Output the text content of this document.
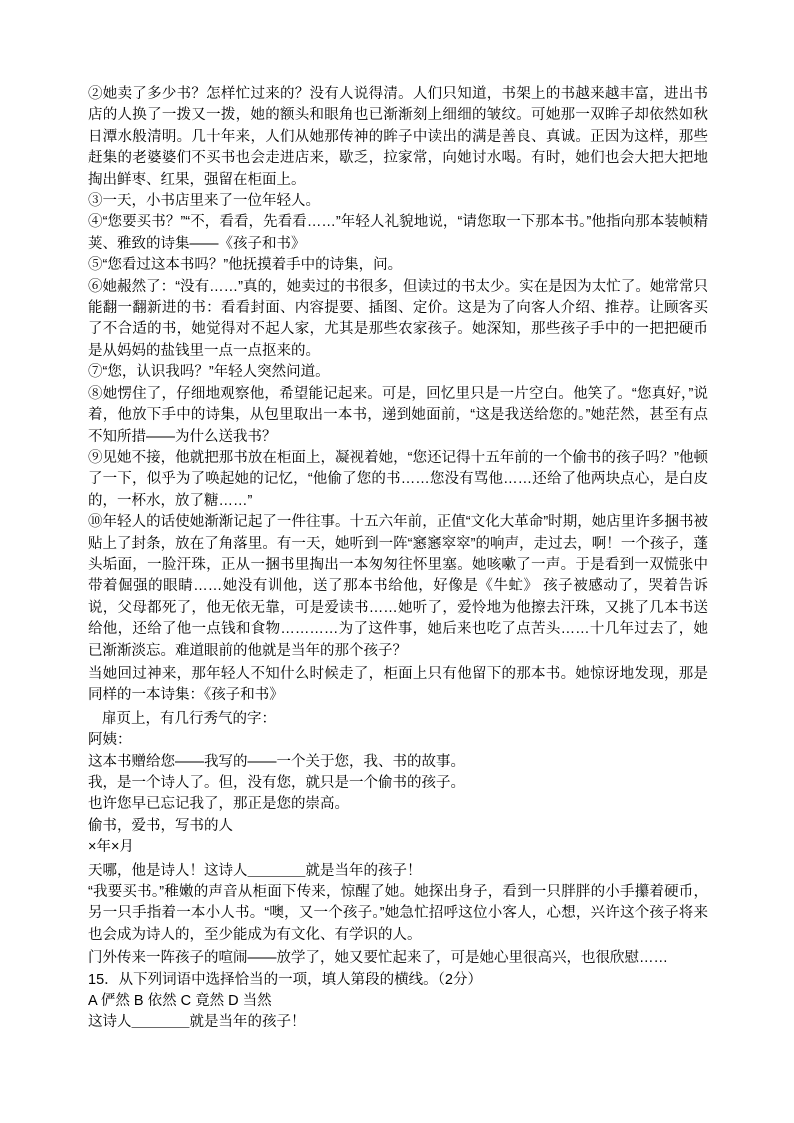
②她卖了多少书？怎样忙过来的？没有人说得清。人们只知道，书架上的书越来越丰富，进出书店的人换了一拨又一拨，她的额头和眼角也已渐渐刻上细细的皱纹。可她那一双眸子却依然如秋日潭水般清明。几十年来，人们从她那传神的眸子中读出的满是善良、真诚。正因为这样，那些赶集的老婆婆们不买书也会走进店来，歇乏，拉家常，向她讨水喝。有时，她们也会大把大把地掏出鲜枣、红果，强留在柜面上。

③一天，小书店里来了一位年轻人。

④“您要买书？”“不，看看，先看看……”年轻人礼貌地说，“请您取一下那本书。”他指向那本装帧精荚、雅致的诗集——《孩子和书》

⑤“您看过这本书吗？”他抚摸着手中的诗集，问。

⑥她赧然了：“没有……”真的，她卖过的书很多，但读过的书太少。实在是因为太忙了。她常常只能翻一翻新进的书：看看封面、内容提要、插图、定价。这是为了向客人介绍、推荐。让顾客买了不合适的书，她觉得对不起人家，尤其是那些农家孩子。她深知，那些孩子手中的一把把硬币是从妈妈的盐钱里一点一点抠来的。

⑦“您，认识我吗？”年轻人突然问道。

⑧她愣住了，仔细地观察他，希望能记起来。可是，回忆里只是一片空白。他笑了。“您真好，”说着，他放下手中的诗集，从包里取出一本书，递到她面前，“这是我送给您的。”她茫然，甚至有点不知所措——为什么送我书？

⑨见她不接，他就把那书放在柜面上，凝视着她，“您还记得十五年前的一个偷书的孩子吗？”他顿了一下，似乎为了唤起她的记忆，“他偷了您的书……您没有骂他……还给了他两块点心，是白皮的，一杯水，放了糖……”

⑩年轻人的话使她渐渐记起了一件往事。十五六年前，正值“文化大革命”时期，她店里许多捆书被贴上了封条，放在了角落里。有一天，她听到一阵“窸窸窣窣”的响声，走过去，啊！一个孩子，蓬头垢面，一脸汗珠，正从一捆书里掏出一本匆匆往怀里塞。她咳嗽了一声。于是看到一双慌张中带着倔强的眼睛……她没有训他，送了那本书给他，好像是《牛虻》 孩子被感动了，哭着告诉说，父母都死了，他无依无靠，可是爱读书……她听了，爱怜地为他擦去汗珠，又挑了几本书送给他，还给了他一点钱和食物…………为了这件事，她后来也吃了点苦头……十几年过去了，她已渐渐淡忘。难道眼前的他就是当年的那个孩子？

当她回过神来，那年轻人不知什么时候走了，柜面上只有他留下的那本书。她惊讶地发现，那是同样的一本诗集：《孩子和书》

扉页上，有几行秀气的字：

阿姨：

这本书赠给您——我写的——一个关于您，我、书的故事。

我，是一个诗人了。但，没有您，就只是一个偷书的孩子。

也许您早已忘记我了，那正是您的崇高。

偷书，爱书，写书的人

×年×月

天哪，他是诗人！这诗人＿＿＿＿就是当年的孩子！

“我要买书。”稚嫩的声音从柜面下传来，惊醒了她。她探出身子，看到一只胖胖的小手攥着硬币，另一只手指着一本小人书。“噢，又一个孩子。”她急忙招呼这位小客人，心想，兴许这个孩子将来也会成为诗人的，至少能成为有文化、有学识的人。

门外传来一阵孩子的喧闹——放学了，她又要忙起来了，可是她心里很高兴，也很欣慰……

15．从下列词语中选择恰当的一项，填人第段的横线。（2分）

A 俨然 B 依然 C 竟然 D 当然

这诗人＿＿＿＿就是当年的孩子！
